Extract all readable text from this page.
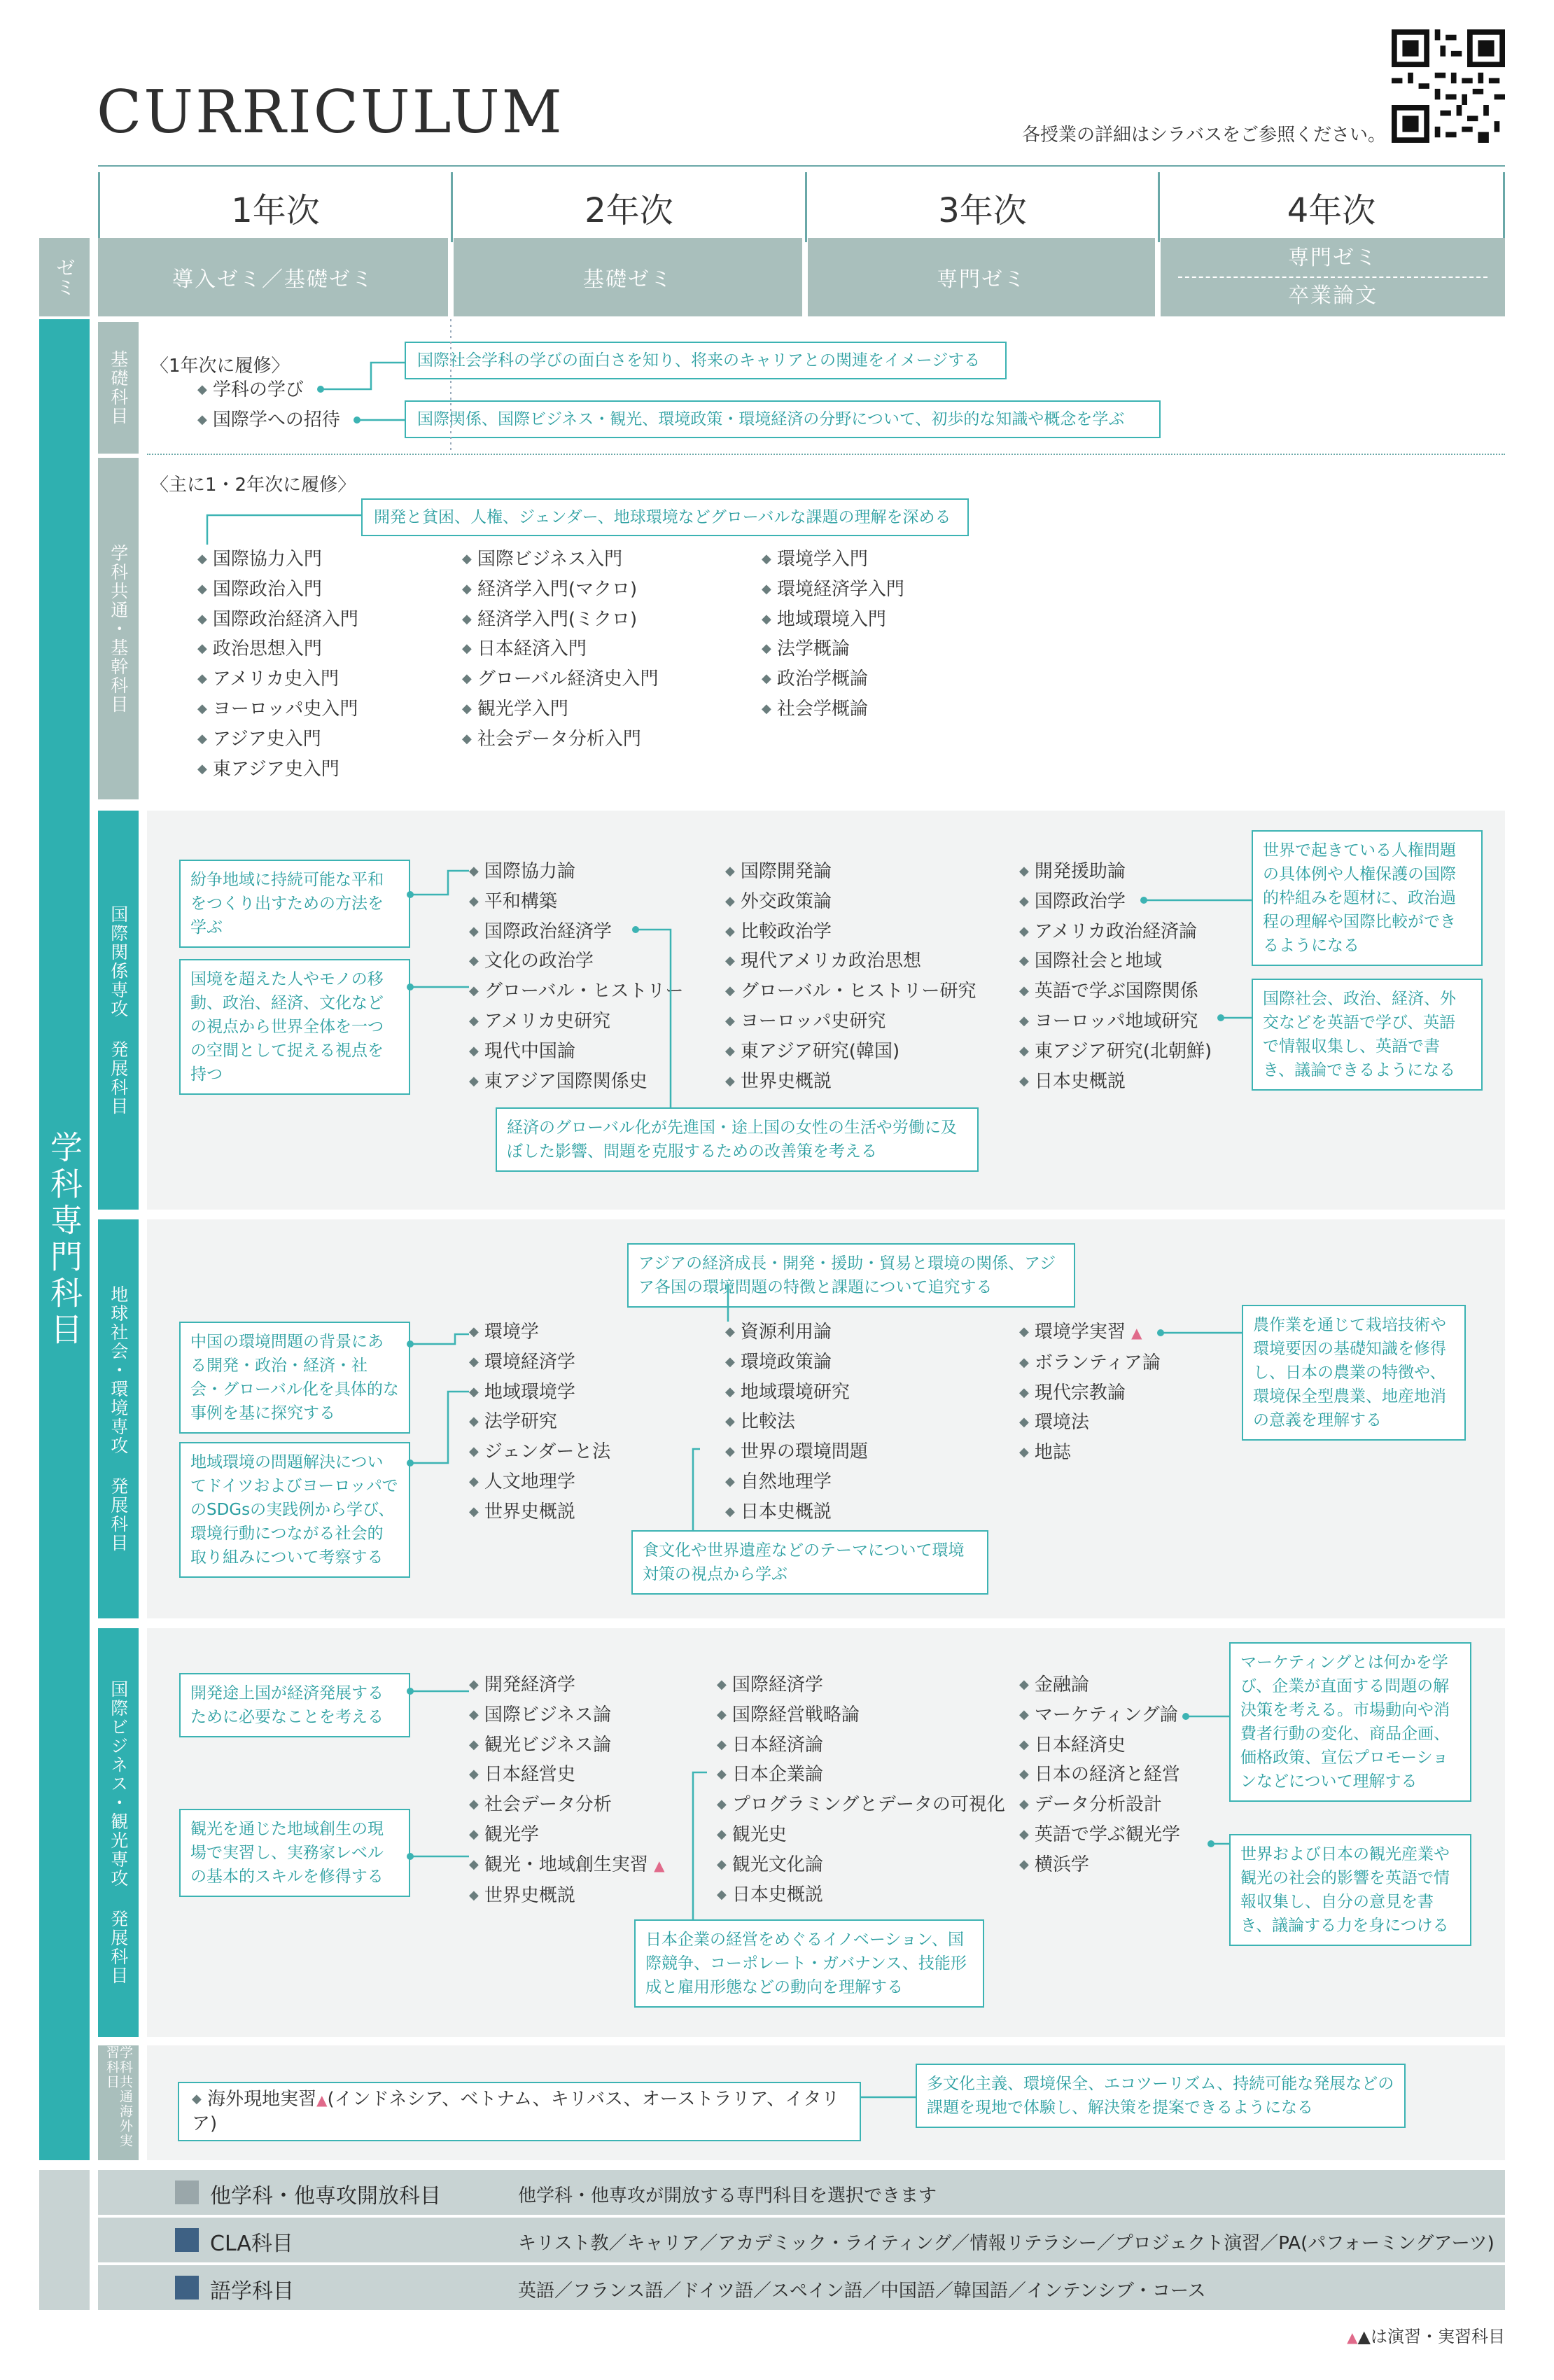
CURRICULUM	各授業の詳細はシラバスをご参照ください。
1年次	2年次	3年次	4年次
ゼミ	導入ゼミ／基礎ゼミ	基礎ゼミ	専門ゼミ
専門ゼミ
卒業論文
学科専門科目
基礎科目	〈1年次に履修〉
◆ 学科の学び
◆ 国際学への招待
国際社会学科の学びの面白さを知り、将来のキャリアとの関連をイメージする
国際関係、国際ビジネス・観光、環境政策・環境経済の分野について、初歩的な知識や概念を学ぶ
学科共通・基幹科目
〈主に1・2年次に履修〉
開発と貧困、人権、ジェンダー、地球環境などグローバルな課題の理解を深める
◆ 国際協力入門
◆ 国際政治入門
◆ 国際政治経済入門
◆ 政治思想入門
◆ アメリカ史入門
◆ ヨーロッパ史入門
◆ アジア史入門
◆ 東アジア史入門
◆ 国際ビジネス入門
◆ 経済学入門(マクロ)
◆ 経済学入門(ミクロ)
◆ 日本経済入門
◆ グローバル経済史入門
◆ 観光学入門
◆ 社会データ分析入門
◆ 環境学入門
◆ 環境経済学入門
◆ 地域環境入門
◆ 法学概論
◆ 政治学概論
◆ 社会学概論
国際関係専攻 発展科目
紛争地域に持続可能な平和をつくり出すための方法を学ぶ
国境を超えた人やモノの移動、政治、経済、文化などの視点から世界全体を一つの空間として捉える視点を持つ
◆ 国際協力論
◆ 平和構築
◆ 国際政治経済学
◆ 文化の政治学
◆ グローバル・ヒストリー
◆ アメリカ史研究
◆ 現代中国論
◆ 東アジア国際関係史
◆ 国際開発論
◆ 外交政策論
◆ 比較政治学
◆ 現代アメリカ政治思想
◆ グローバル・ヒストリー研究
◆ ヨーロッパ史研究
◆ 東アジア研究(韓国)
◆ 世界史概説
◆ 開発援助論
◆ 国際政治学
◆ アメリカ政治経済論
◆ 国際社会と地域
◆ 英語で学ぶ国際関係
◆ ヨーロッパ地域研究
◆ 東アジア研究(北朝鮮)
◆ 日本史概説
経済のグローバル化が先進国・途上国の女性の生活や労働に及ぼした影響、問題を克服するための改善策を考える
世界で起きている人権問題の具体例や人権保護の国際的枠組みを題材に、政治過程の理解や国際比較ができるようになる
国際社会、政治、経済、外交などを英語で学び、英語で情報収集し、英語で書き、議論できるようになる
地球社会・環境専攻 発展科目
アジアの経済成長・開発・援助・貿易と環境の関係、アジア各国の環境問題の特徴と課題について追究する
中国の環境問題の背景にある開発・政治・経済・社会・グローバル化を具体的な事例を基に探究する
地域環境の問題解決についてドイツおよびヨーロッパでのSDGsの実践例から学び、環境行動につながる社会的取り組みについて考察する
◆ 環境学
◆ 環境経済学
◆ 地域環境学
◆ 法学研究
◆ ジェンダーと法
◆ 人文地理学
◆ 世界史概説
◆ 資源利用論
◆ 環境政策論
◆ 地域環境研究
◆ 比較法
◆ 世界の環境問題
◆ 自然地理学
◆ 日本史概説
◆ 環境学実習 ▲
◆ ボランティア論
◆ 現代宗教論
◆ 環境法
◆ 地誌
食文化や世界遺産などのテーマについて環境対策の視点から学ぶ
農作業を通じて栽培技術や環境要因の基礎知識を修得し、日本の農業の特徴や、環境保全型農業、地産地消の意義を理解する
国際ビジネス・観光専攻 発展科目	開発途上国が経済発展するために必要なことを考える
観光を通じた地域創生の現場で実習し、実務家レベルの基本的スキルを修得する
◆ 開発経済学
◆ 国際ビジネス論
◆ 観光ビジネス論
◆ 日本経営史
◆ 社会データ分析
◆ 観光学
◆ 観光・地域創生実習 ▲
◆ 世界史概説
◆ 国際経済学
◆ 国際経営戦略論
◆ 日本経済論
◆ 日本企業論
◆ プログラミングとデータの可視化
◆ 観光史
◆ 観光文化論
◆ 日本史概説
◆ 金融論
◆ マーケティング論
◆ 日本経済史
◆ 日本の経済と経営
◆ データ分析設計
◆ 英語で学ぶ観光学
◆ 横浜学
日本企業の経営をめぐるイノベーション、国際競争、コーポレート・ガバナンス、技能形成と雇用形態などの動向を理解する
マーケティングとは何かを学び、企業が直面する問題の解決策を考える。市場動向や消費者行動の変化、商品企画、価格政策、宣伝プロモーションなどについて理解する
世界および日本の観光産業や観光の社会的影響を英語で情報収集し、自分の意見を書き、議論する力を身につける
学科共通海外実習科目
◆ 海外現地実習▲(インドネシア、ベトナム、キリバス、オーストラリア、イタリア)
多文化主義、環境保全、エコツーリズム、持続可能な発展などの課題を現地で体験し、解決策を提案できるようになる
他学科・他専攻開放科目	他学科・他専攻が開放する専門科目を選択できます
CLA科目	キリスト教／キャリア／アカデミック・ライティング／情報リテラシー／プロジェクト演習／PA(パフォーミングアーツ)
語学科目	英語／フランス語／ドイツ語／スペイン語／中国語／韓国語／インテンシブ・コース
▲▲は演習・実習科目
